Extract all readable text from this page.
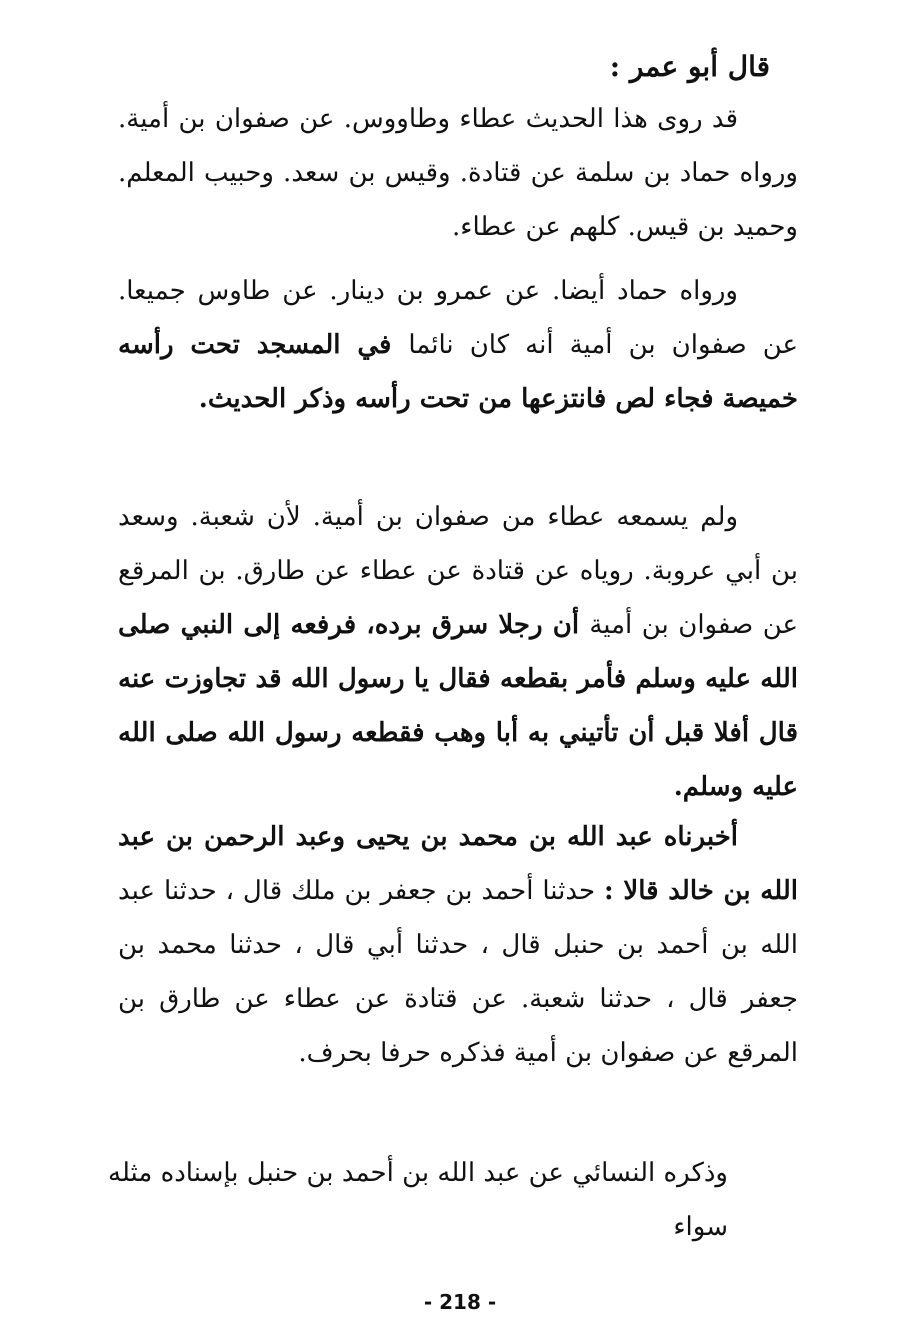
قال أبو عمر :
قد روى هذا الحديث عطاء وطاووس. عن صفوان بن أمية. ورواه حماد بن سلمة عن قتادة. وقيس بن سعد. وحبيب المعلم. وحميد بن قيس. كلهم عن عطاء.
ورواه حماد أيضا. عن عمرو بن دينار. عن طاوس جميعا. عن صفوان بن أمية أنه كان نائما في المسجد تحت رأسه خميصة فجاء لص فانتزعها من تحت رأسه وذكر الحديث.
ولم يسمعه عطاء من صفوان بن أمية. لأن شعبة. وسعد بن أبي عروبة. روياه عن قتادة عن عطاء عن طارق. بن المرقع عن صفوان بن أمية أن رجلا سرق برده، فرفعه إلى النبي صلى الله عليه وسلم فأمر بقطعه فقال يا رسول الله قد تجاوزت عنه قال أفلا قبل أن تأتيني به أبا وهب فقطعه رسول الله صلى الله عليه وسلم.
أخبرناه عبد الله بن محمد بن يحيى وعبد الرحمن بن عبد الله بن خالد قالا : حدثنا أحمد بن جعفر بن ملك قال ، حدثنا عبد الله بن أحمد بن حنبل قال ، حدثنا أبي قال ، حدثنا محمد بن جعفر قال ، حدثنا شعبة. عن قتادة عن عطاء عن طارق بن المرقع عن صفوان بن أمية فذكره حرفا بحرف.
وذكره النسائي عن عبد الله بن أحمد بن حنبل بإسناده مثله سواء
- 218 -
